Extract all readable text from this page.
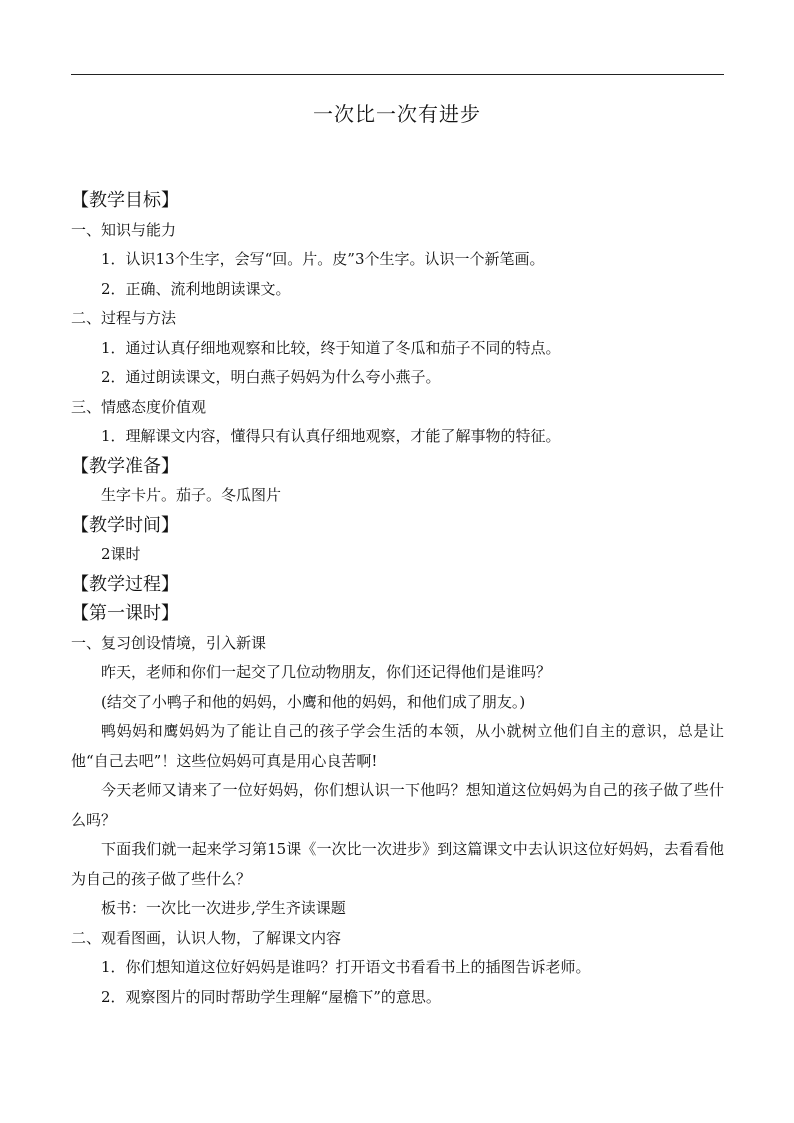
一次比一次有进步
【教学目标】
一、知识与能力
1．认识13个生字，会写“回。片。皮”3个生字。认识一个新笔画。
2．正确、流利地朗读课文。
二、过程与方法
1．通过认真仔细地观察和比较，终于知道了冬瓜和茄子不同的特点。
2．通过朗读课文，明白燕子妈妈为什么夸小燕子。
三、情感态度价值观
1．理解课文内容，懂得只有认真仔细地观察，才能了解事物的特征。
【教学准备】
生字卡片。茄子。冬瓜图片
【教学时间】
2课时
【教学过程】
【第一课时】
一、复习创设情境，引入新课
昨天，老师和你们一起交了几位动物朋友，你们还记得他们是谁吗？
(结交了小鸭子和他的妈妈，小鹰和他的妈妈，和他们成了朋友。)
鸭妈妈和鹰妈妈为了能让自己的孩子学会生活的本领，从小就树立他们自主的意识，总是让他“自己去吧”！这些位妈妈可真是用心良苦啊!
今天老师又请来了一位好妈妈，你们想认识一下他吗？想知道这位妈妈为自己的孩子做了些什么吗？
下面我们就一起来学习第15课《一次比一次进步》到这篇课文中去认识这位好妈妈，去看看他为自己的孩子做了些什么？
板书：一次比一次进步,学生齐读课题
二、观看图画，认识人物，了解课文内容
1．你们想知道这位好妈妈是谁吗？打开语文书看看书上的插图告诉老师。
2．观察图片的同时帮助学生理解“屋檐下”的意思。
